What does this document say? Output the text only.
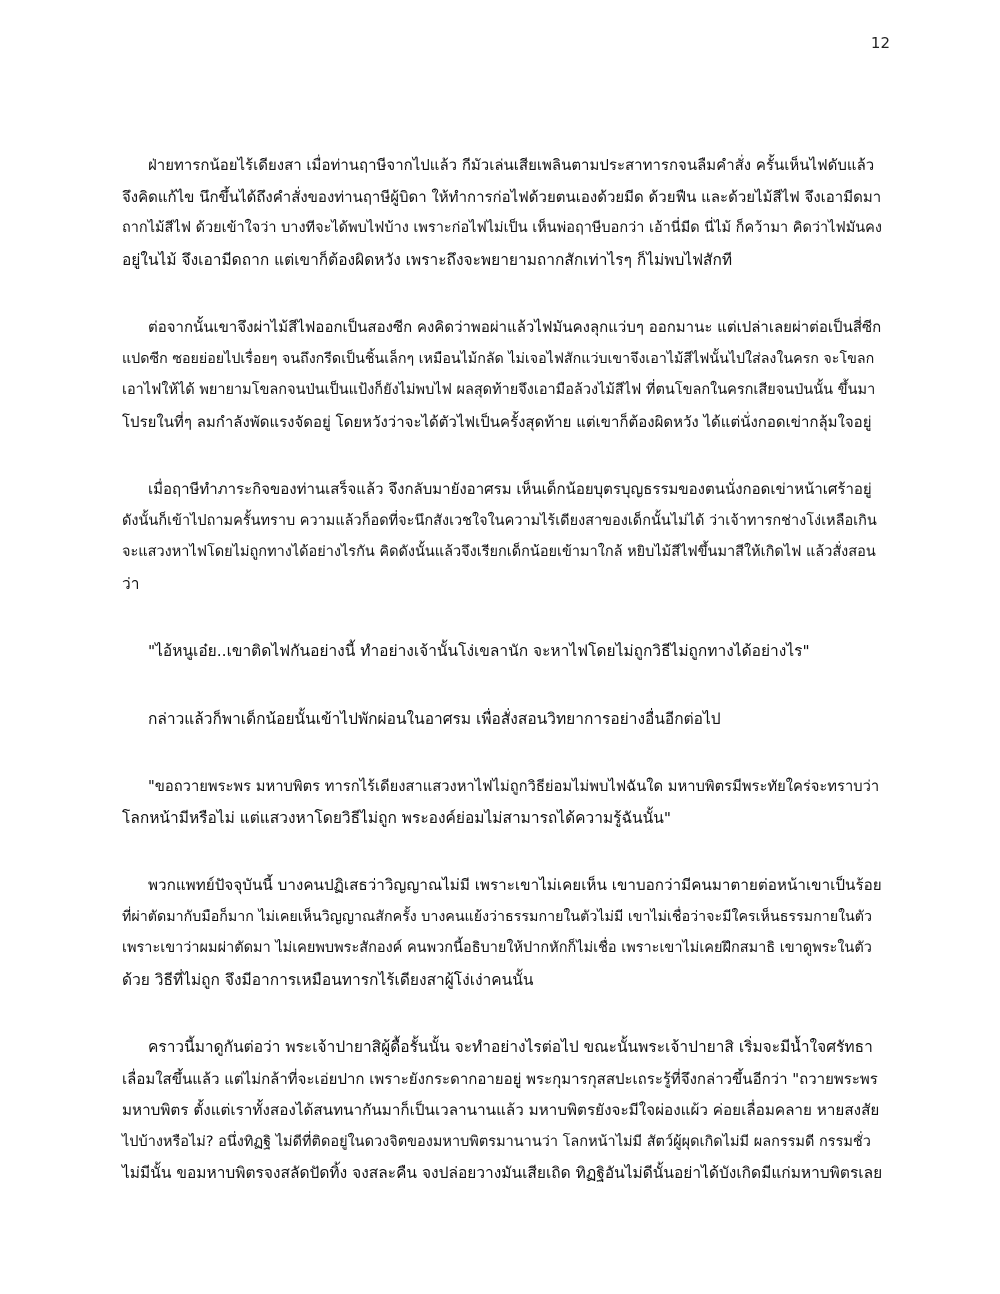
12
ฝ่ายทารกน้อยไร้เดียงสา เมื่อท่านฤาษีจากไปแล้ว กีมัวเล่นเสียเพลินตามประสาทารกจนลืมคำสั่ง ครั้นเห็นไฟดับแล้ว
จึงคิดแก้ไข นึกขึ้นได้ถึงคำสั่งของท่านฤาษีผู้บิดา ให้ทำการก่อไฟด้วยตนเองด้วยมีด ด้วยฟืน และด้วยไม้สีไฟ จึงเอามีดมา
ถากไม้สีไฟ ด้วยเข้าใจว่า บางทีจะได้พบไฟบ้าง เพราะก่อไฟไม่เป็น เห็นพ่อฤาษีบอกว่า เอ้านี่มีด นี่ไม้ ก็คว้ามา คิดว่าไฟมันคง
อยู่ในไม้ จึงเอามีดถาก แต่เขาก็ต้องผิดหวัง เพราะถึงจะพยายามถากสักเท่าไรๆ ก็ไม่พบไฟสักที
ต่อจากนั้นเขาจึงผ่าไม้สีไฟออกเป็นสองซีก คงคิดว่าพอผ่าแล้วไฟมันคงลุกแว่บๆ ออกมานะ แต่เปล่าเลยผ่าต่อเป็นสี่ซีก
แปดซีก ซอยย่อยไปเรื่อยๆ จนถึงกรีดเป็นชิ้นเล็กๆ เหมือนไม้กลัด ไม่เจอไฟสักแว่บเขาจึงเอาไม้สีไฟนั้นไปใส่ลงในครก จะโขลก
เอาไฟให้ได้ พยายามโขลกจนป่นเป็นแป้งก็ยังไม่พบไฟ ผลสุดท้ายจึงเอามือล้วงไม้สีไฟ ที่ตนโขลกในครกเสียจนป่นนั้น ขึ้นมา
โปรยในที่ๆ ลมกำลังพัดแรงจัดอยู่ โดยหวังว่าจะได้ตัวไฟเป็นครั้งสุดท้าย แต่เขาก็ต้องผิดหวัง ได้แต่นั่งกอดเข่ากลุ้มใจอยู่
เมื่อฤาษีทำภาระกิจของท่านเสร็จแล้ว จึงกลับมายังอาศรม เห็นเด็กน้อยบุตรบุญธรรมของตนนั่งกอดเข่าหน้าเศร้าอยู่
ดังนั้นก็เข้าไปถามครั้นทราบ ความแล้วก็อดที่จะนึกสังเวชใจในความไร้เดียงสาของเด็กนั้นไม่ได้ ว่าเจ้าทารกช่างโง่เหลือเกิน
จะแสวงหาไฟโดยไม่ถูกทางได้อย่างไรกัน คิดดังนั้นแล้วจึงเรียกเด็กน้อยเข้ามาใกล้ หยิบไม้สีไฟขึ้นมาสีให้เกิดไฟ แล้วสั่งสอน
ว่า
"ไอ้หนูเอ๋ย..เขาติดไฟกันอย่างนี้ ทำอย่างเจ้านั้นโง่เขลานัก จะหาไฟโดยไม่ถูกวิธีไม่ถูกทางได้อย่างไร"
กล่าวแล้วก็พาเด็กน้อยนั้นเข้าไปพักผ่อนในอาศรม เพื่อสั่งสอนวิทยาการอย่างอื่นอีกต่อไป
"ขอถวายพระพร มหาบพิตร ทารกไร้เดียงสาแสวงหาไฟไม่ถูกวิธีย่อมไม่พบไฟฉันใด มหาบพิตรมีพระทัยใคร่จะทราบว่า
โลกหน้ามีหรือไม่ แต่แสวงหาโดยวิธีไม่ถูก พระองค์ย่อมไม่สามารถได้ความรู้ฉันนั้น"
พวกแพทย์ปัจจุบันนี้ บางคนปฏิเสธว่าวิญญาณไม่มี เพราะเขาไม่เคยเห็น เขาบอกว่ามีคนมาตายต่อหน้าเขาเป็นร้อย
ที่ผ่าตัดมากับมือก็มาก ไม่เคยเห็นวิญญาณสักครั้ง บางคนแย้งว่าธรรมกายในตัวไม่มี เขาไม่เชื่อว่าจะมีใครเห็นธรรมกายในตัว
เพราะเขาว่าผมผ่าตัดมา ไม่เคยพบพระสักองค์ คนพวกนี้อธิบายให้ปากหักก็ไม่เชื่อ เพราะเขาไม่เคยฝึกสมาธิ เขาดูพระในตัว
ด้วย วิธีที่ไม่ถูก จึงมีอาการเหมือนทารกไร้เดียงสาผู้โง่เง่าคนนั้น
คราวนี้มาดูกันต่อว่า พระเจ้าปายาสิผู้ดื้อรั้นนั้น จะทำอย่างไรต่อไป ขณะนั้นพระเจ้าปายาสิ เริ่มจะมีน้ำใจศรัทธา
เลื่อมใสขึ้นแล้ว แต่ไม่กล้าที่จะเอ่ยปาก เพราะยังกระดากอายอยู่ พระกุมารกุสสปะเถระรู้ที่จึงกล่าวขึ้นอีกว่า "ถวายพระพร
มหาบพิตร ตั้งแต่เราทั้งสองได้สนทนากันมาก็เป็นเวลานานแล้ว มหาบพิตรยังจะมีใจผ่องแผ้ว ค่อยเลื่อมคลาย หายสงสัย
ไปบ้างหรือไม่? อนึ่งทิฏฐิ ไม่ดีที่ติดอยู่ในดวงจิตของมหาบพิตรมานานว่า โลกหน้าไม่มี สัตว์ผู้ผุดเกิดไม่มี ผลกรรมดี กรรมชั่ว
ไม่มีนั้น ขอมหาบพิตรจงสลัดปัดทิ้ง จงสละคืน จงปล่อยวางมันเสียเถิด ทิฏฐิอันไม่ดีนั้นอย่าได้บังเกิดมีแก่มหาบพิตรเลย
